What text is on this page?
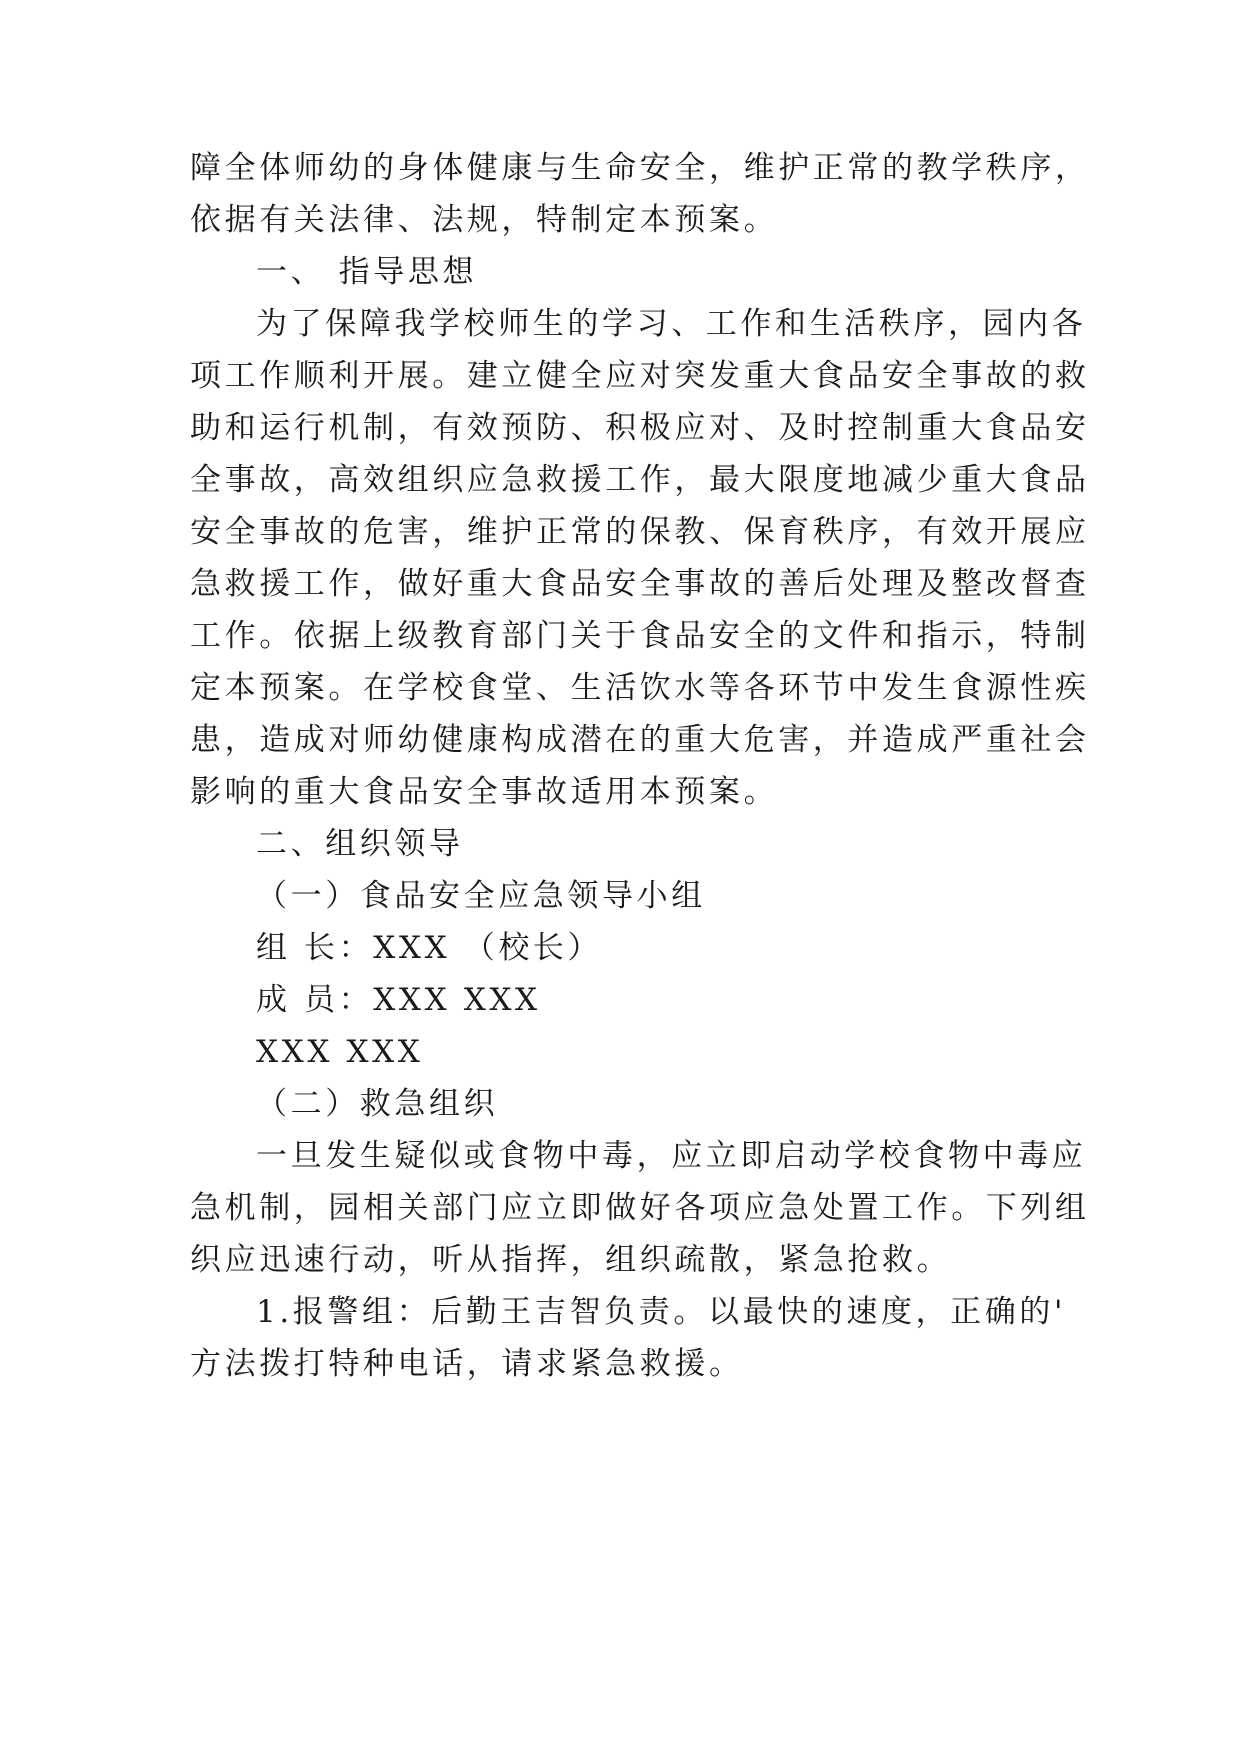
障全体师幼的身体健康与生命安全，维护正常的教学秩序，
依据有关法律、法规，特制定本预案。
一、 指导思想
为了保障我学校师生的学习、工作和生活秩序，园内各
项工作顺利开展。建立健全应对突发重大食品安全事故的救
助和运行机制，有效预防、积极应对、及时控制重大食品安
全事故，高效组织应急救援工作，最大限度地减少重大食品
安全事故的危害，维护正常的保教、保育秩序，有效开展应
急救援工作，做好重大食品安全事故的善后处理及整改督查
工作。依据上级教育部门关于食品安全的文件和指示，特制
定本预案。在学校食堂、生活饮水等各环节中发生食源性疾
患，造成对师幼健康构成潜在的重大危害，并造成严重社会
影响的重大食品安全事故适用本预案。
二、组织领导
（一）食品安全应急领导小组
组 长：XXX （校长）
成 员：XXX XXX
XXX XXX
（二）救急组织
一旦发生疑似或食物中毒，应立即启动学校食物中毒应
急机制，园相关部门应立即做好各项应急处置工作。下列组
织应迅速行动，听从指挥，组织疏散，紧急抢救。
1.报警组：后勤王吉智负责。以最快的速度，正确的'
方法拨打特种电话，请求紧急救援。
